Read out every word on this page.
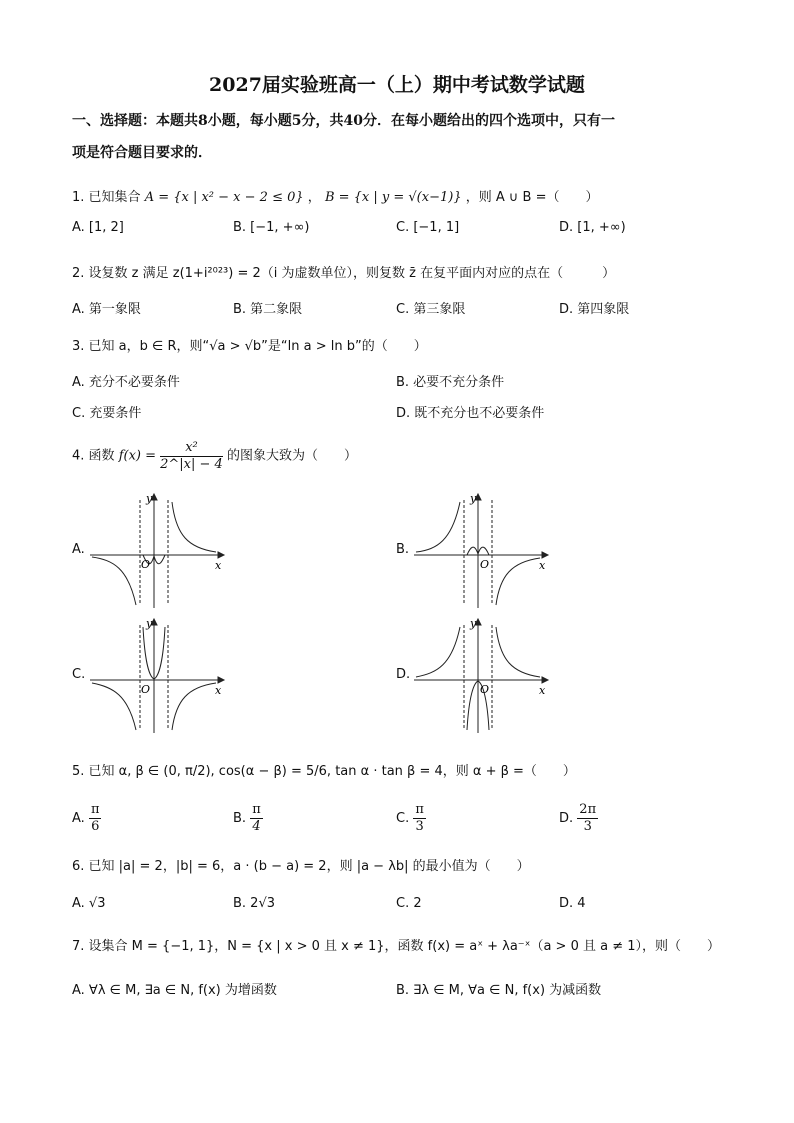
2027届实验班高一（上）期中考试数学试题
一、选择题：本题共8小题，每小题5分，共40分．在每小题给出的四个选项中，只有一
项是符合题目要求的．
1. 已知集合 A = {x | x² − x − 2 ≤ 0} ， B = {x | y = √(x−1)} ，则 A ∪ B =（　　）
A. [1, 2]	B. [−1, +∞)	C. [−1, 1]	D. [1, +∞)
2. 设复数 z 满足 z(1+i²⁰²³) = 2（i 为虚数单位），则复数 z̄ 在复平面内对应的点在（　　　）
A. 第一象限	B. 第二象限	C. 第三象限	D. 第四象限
3. 已知 a，b ∈ R，则“√a > √b”是“ln a > ln b”的（　　）
A. 充分不必要条件	B. 必要不充分条件
C. 充要条件	D. 既不充分也不必要条件
4. 函数 $f(x) = \frac{\text{x²}}{2\^{}|x| - 4}$ 的图象大致为（　　）
A.	B.
C.	D.
y
x
O
y
x
O
y
x
O
y
x
O
5. 已知 α, β ∈ (0, π/2), cos(α − β) = 5/6, tan α · tan β = 4，则 α + β =（　　）
A. $\frac{\pi}{6}$	B. $\frac{\pi}{4}$	C. $\frac{\pi}{3}$	D. $\frac{2\pi}{3}$
6. 已知 |a| = 2，|b| = 6，a · (b − a) = 2，则 |a − λb| 的最小值为（　　）
A. √3	B. 2√3	C. 2	D. 4
7. 设集合 M = {−1, 1}，N = {x | x > 0 且 x ≠ 1}，函数 f(x) = aˣ + λa⁻ˣ（a > 0 且 a ≠ 1），则（　　）
A. ∀λ ∈ M, ∃a ∈ N, f(x) 为增函数	B. ∃λ ∈ M, ∀a ∈ N, f(x) 为减函数
